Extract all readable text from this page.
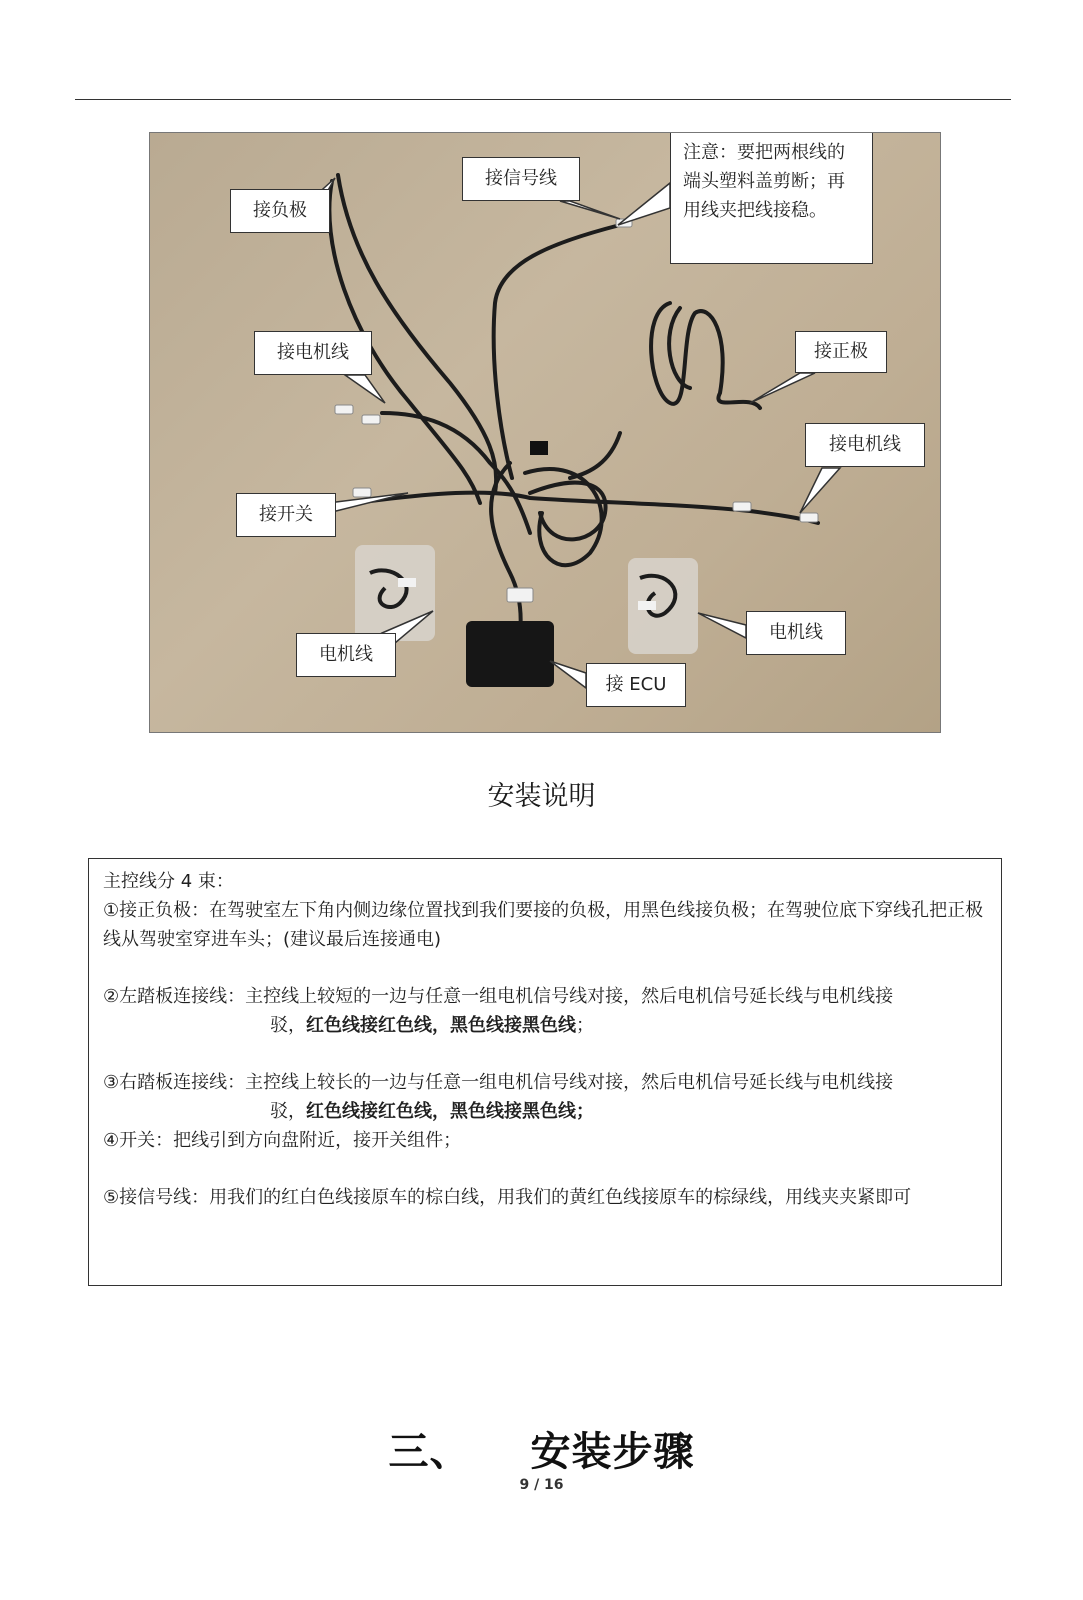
接负极
接信号线
注意：要把两根线的
端头塑料盖剪断；再
用线夹把线接稳。
接电机线	接正极
接电机线
接开关
电机线
电机线
接 ECU
安装说明

主控线分 4 束：

①接正负极：在驾驶室左下角内侧边缘位置找到我们要接的负极，用黑色线接负极；在驾驶位底下穿线孔把正极线从驾驶室穿进车头；(建议最后连接通电)

②左踏板连接线：主控线上较短的一边与任意一组电机信号线对接，然后电机信号延长线与电机线接

驳，红色线接红色线，黑色线接黑色线；

③右踏板连接线：主控线上较长的一边与任意一组电机信号线对接，然后电机信号延长线与电机线接

驳，红色线接红色线，黑色线接黑色线；

④开关：把线引到方向盘附近，接开关组件；

⑤接信号线：用我们的红白色线接原车的棕白线，用我们的黄红色线接原车的棕绿线，用线夹夹紧即可

三、 安装步骤
9 / 16
